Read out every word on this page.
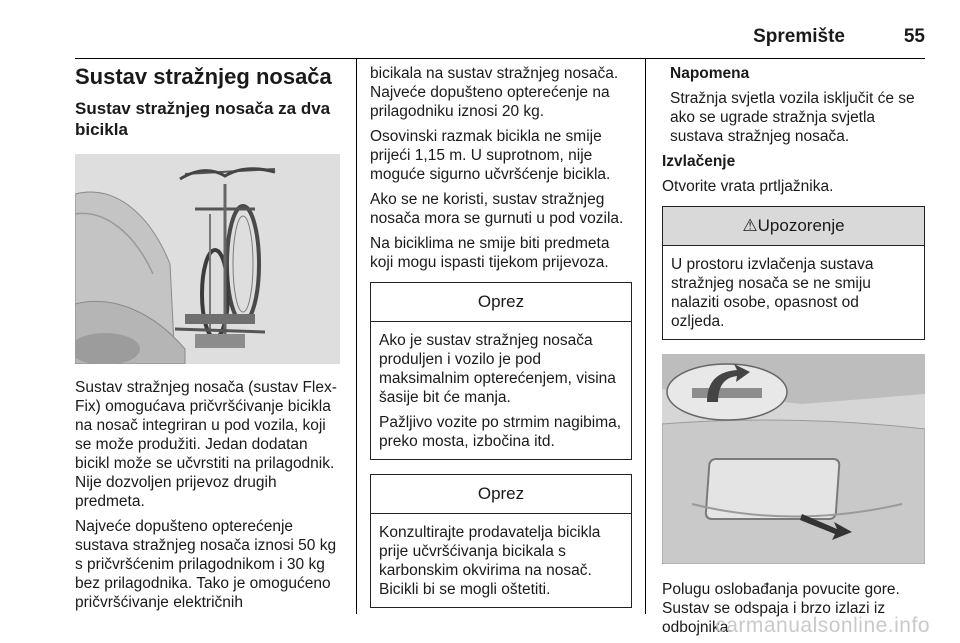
Spremište	55
Sustav stražnjeg nosača
Sustav stražnjeg nosača za dva bicikla

Sustav stražnjeg nosača (sustav Flex-Fix) omogućava pričvršćivanje bicikla na nosač integriran u pod vozila, koji se može produžiti. Jedan dodatan bicikl može se učvrstiti na prilagodnik. Nije dozvoljen prijevoz drugih predmeta.

Najveće dopušteno opterećenje sustava stražnjeg nosača iznosi 50 kg s pričvršćenim prilagodnikom i 30 kg bez prilagodnika. Tako je omogućeno pričvršćivanje električnih

bicikala na sustav stražnjeg nosača. Najveće dopušteno opterećenje na prilagodniku iznosi 20 kg.

Osovinski razmak bicikla ne smije prijeći 1,15 m. U suprotnom, nije moguće sigurno učvršćenje bicikla.

Ako se ne koristi, sustav stražnjeg nosača mora se gurnuti u pod vozila.

Na biciklima ne smije biti predmeta koji mogu ispasti tijekom prijevoza.

Oprez

Ako je sustav stražnjeg nosača produljen i vozilo je pod maksimalnim opterećenjem, visina šasije bit će manja.

Pažljivo vozite po strmim nagibima, preko mosta, izbočina itd.

Oprez

Konzultirajte prodavatelja bicikla prije učvršćivanja bicikala s karbonskim okvirima na nosač. Bicikli bi se mogli oštetiti.

Napomena

Stražnja svjetla vozila isključit će se ako se ugrade stražnja svjetla sustava stražnjeg nosača.

Izvlačenje

Otvorite vrata prtljažnika.

⚠Upozorenje

U prostoru izvlačenja sustava stražnjeg nosača se ne smiju nalaziti osobe, opasnost od ozljeda.

Polugu oslobađanja povucite gore. Sustav se odspaja i brzo izlazi iz odbojnika.

carmanualsonline.info
